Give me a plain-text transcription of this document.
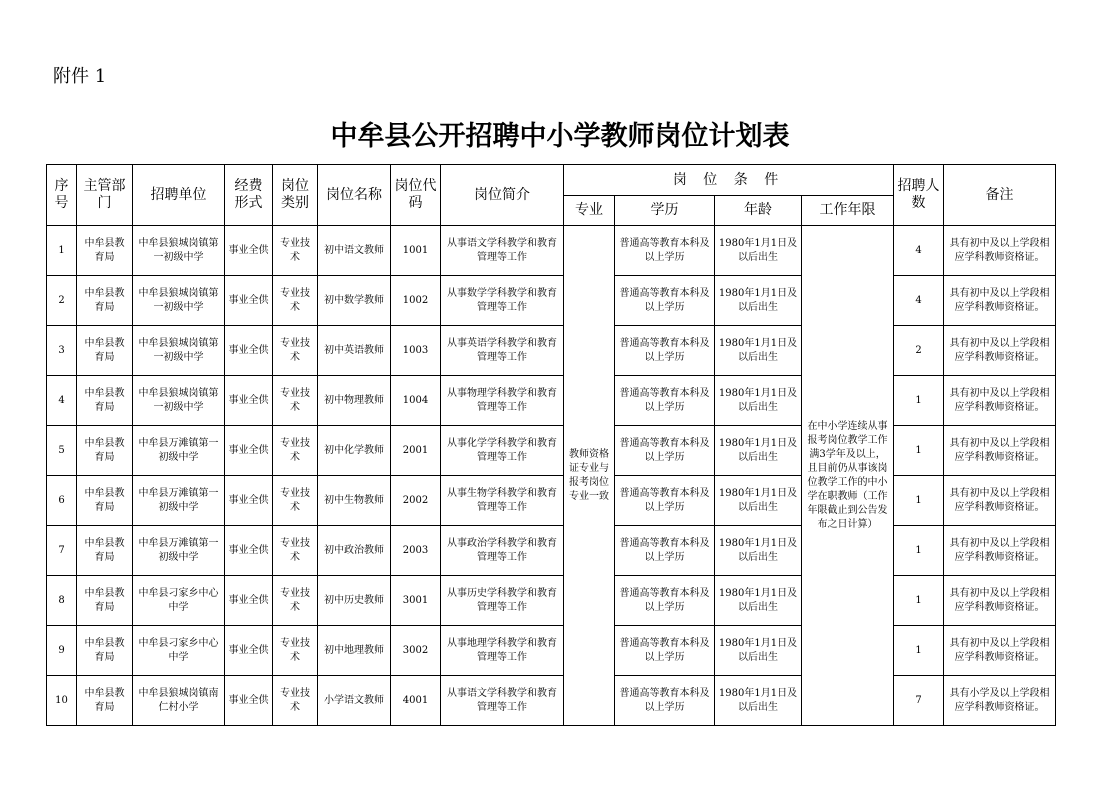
附件 1
中牟县公开招聘中小学教师岗位计划表
序号	主管部门	招聘单位	经费形式	岗位类别	岗位名称	岗位代码	岗位简介	岗 位 条 件				招聘人数	备注
								专业	学历	年龄	工作年限		
1	中牟县教育局	中牟县狼城岗镇第一初级中学	事业全供	专业技术	初中语文教师	1001	从事语文学科教学和教育管理等工作	教师资格证专业与报考岗位专业一致	普通高等教育本科及以上学历	1980年1月1日及以后出生	在中小学连续从事报考岗位教学工作满3学年及以上，且目前仍从事该岗位教学工作的中小学在职教师（工作年限截止到公告发布之日计算）	4	具有初中及以上学段相应学科教师资格证。
2	中牟县教育局	中牟县狼城岗镇第一初级中学	事业全供	专业技术	初中数学教师	1002	从事数学学科教学和教育管理等工作		普通高等教育本科及以上学历	1980年1月1日及以后出生		4	具有初中及以上学段相应学科教师资格证。
3	中牟县教育局	中牟县狼城岗镇第一初级中学	事业全供	专业技术	初中英语教师	1003	从事英语学科教学和教育管理等工作		普通高等教育本科及以上学历	1980年1月1日及以后出生		2	具有初中及以上学段相应学科教师资格证。
4	中牟县教育局	中牟县狼城岗镇第一初级中学	事业全供	专业技术	初中物理教师	1004	从事物理学科教学和教育管理等工作		普通高等教育本科及以上学历	1980年1月1日及以后出生		1	具有初中及以上学段相应学科教师资格证。
5	中牟县教育局	中牟县万滩镇第一初级中学	事业全供	专业技术	初中化学教师	2001	从事化学学科教学和教育管理等工作		普通高等教育本科及以上学历	1980年1月1日及以后出生		1	具有初中及以上学段相应学科教师资格证。
6	中牟县教育局	中牟县万滩镇第一初级中学	事业全供	专业技术	初中生物教师	2002	从事生物学科教学和教育管理等工作		普通高等教育本科及以上学历	1980年1月1日及以后出生		1	具有初中及以上学段相应学科教师资格证。
7	中牟县教育局	中牟县万滩镇第一初级中学	事业全供	专业技术	初中政治教师	2003	从事政治学科教学和教育管理等工作		普通高等教育本科及以上学历	1980年1月1日及以后出生		1	具有初中及以上学段相应学科教师资格证。
8	中牟县教育局	中牟县刁家乡中心中学	事业全供	专业技术	初中历史教师	3001	从事历史学科教学和教育管理等工作		普通高等教育本科及以上学历	1980年1月1日及以后出生		1	具有初中及以上学段相应学科教师资格证。
9	中牟县教育局	中牟县刁家乡中心中学	事业全供	专业技术	初中地理教师	3002	从事地理学科教学和教育管理等工作		普通高等教育本科及以上学历	1980年1月1日及以后出生		1	具有初中及以上学段相应学科教师资格证。
10	中牟县教育局	中牟县狼城岗镇南仁村小学	事业全供	专业技术	小学语文教师	4001	从事语文学科教学和教育管理等工作		普通高等教育本科及以上学历	1980年1月1日及以后出生		7	具有小学及以上学段相应学科教师资格证。
